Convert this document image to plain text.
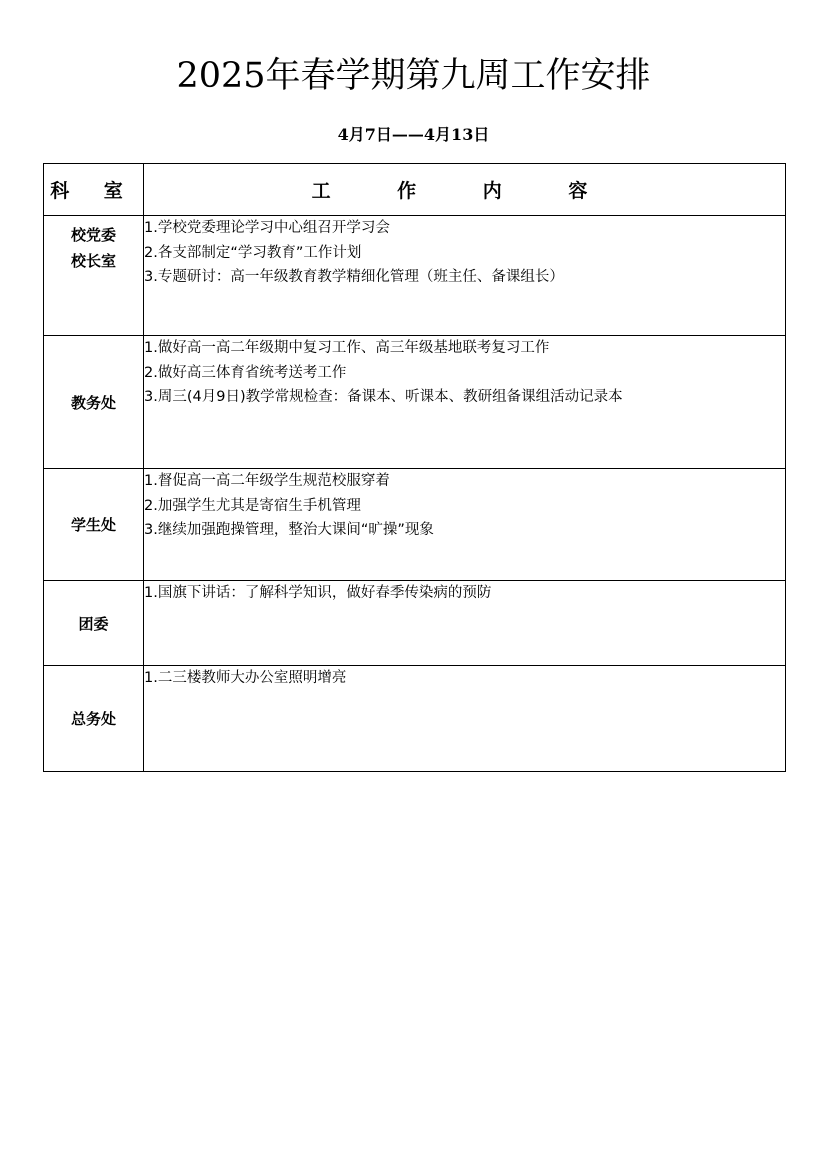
2025年春学期第九周工作安排
4月7日——4月13日
科 室	工 作 内 容

校党委
校长室	1.学校党委理论学习中心组召开学习会
2.各支部制定“学习教育”工作计划
3.专题研讨：高一年级教育教学精细化管理（班主任、备课组长）

教务处	1.做好高一高二年级期中复习工作、高三年级基地联考复习工作
2.做好高三体育省统考送考工作
3.周三(4月9日)教学常规检查：备课本、听课本、教研组备课组活动记录本

学生处	1.督促高一高二年级学生规范校服穿着
2.加强学生尤其是寄宿生手机管理
3.继续加强跑操管理，整治大课间“旷操”现象

团委	1.国旗下讲话：了解科学知识，做好春季传染病的预防

总务处	1.二三楼教师大办公室照明增亮
